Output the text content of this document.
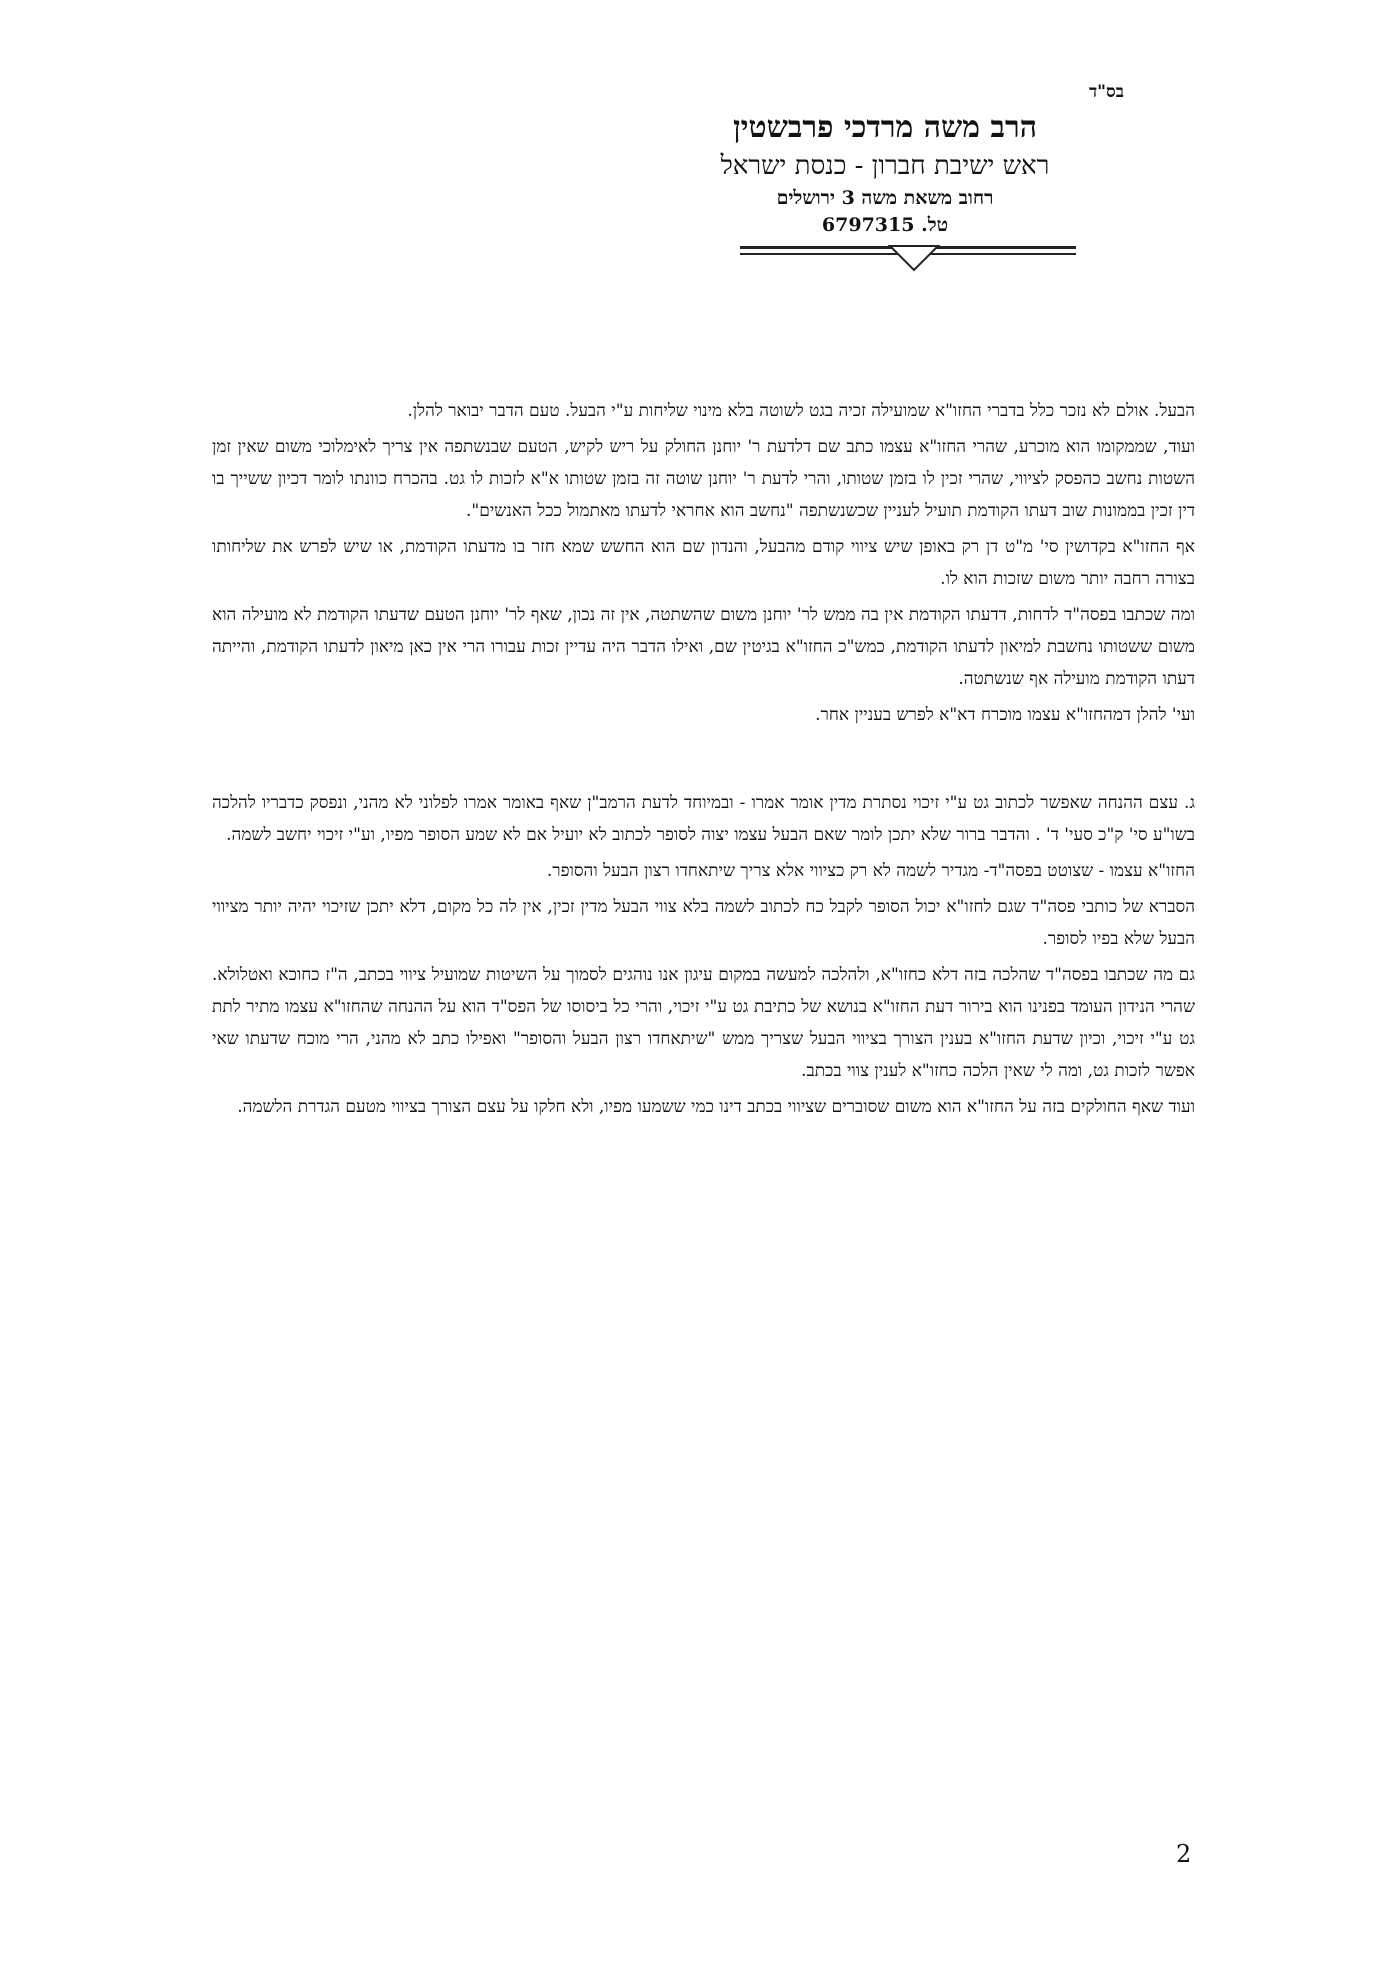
בס"ד
הרב משה מרדכי פרבשטין
ראש ישיבת חברון - כנסת ישראל
רחוב משאת משה 3 ירושלים
טל. 6797315

הבעל. אולם לא נזכר כלל בדברי החזו"א שמועילה זכיה בגט לשוטה בלא מינוי שליחות ע"י הבעל. טעם הדבר יבואר להלן.

ועוד, שממקומו הוא מוכרע, שהרי החזו"א עצמו כתב שם דלדעת ר' יוחנן החולק על ריש לקיש, הטעם שבנשתפה אין צריך לאימלוכי משום שאין זמן השטות נחשב כהפסק לציווי, שהרי זכין לו בזמן שטותו, והרי לדעת ר' יוחנן שוטה זה בזמן שטותו א"א לזכות לו גט. בהכרח כוונתו לומר דכיון ששייך בו דין זכין בממונות שוב דעתו הקודמת תועיל לעניין שכשנשתפה "נחשב הוא אחראי לדעתו מאתמול ככל האנשים".

אף החזו"א בקדושין סי' מ"ט דן רק באופן שיש ציווי קודם מהבעל, והנדון שם הוא החשש שמא חזר בו מדעתו הקודמת, או שיש לפרש את שליחותו בצורה רחבה יותר משום שזכות הוא לו.

ומה שכתבו בפסה"ד לדחות, דדעתו הקודמת אין בה ממש לר' יוחנן משום שהשתטה, אין זה נכון, שאף לר' יוחנן הטעם שדעתו הקודמת לא מועילה הוא משום ששטותו נחשבת למיאון לדעתו הקודמת, כמש"כ החזו"א בגיטין שם, ואילו הדבר היה עדיין זכות עבורו הרי אין כאן מיאון לדעתו הקודמת, והייתה דעתו הקודמת מועילה אף שנשתטה.

ועי' להלן דמהחזו"א עצמו מוכרח דא"א לפרש בעניין אחר.

ג. עצם ההנחה שאפשר לכתוב גט ע"י זיכוי נסתרת מדין אומר אמרו - ובמיוחד לדעת הרמב"ן שאף באומר אמרו לפלוני לא מהני, ונפסק כדבריו להלכה בשו"ע סי' ק"כ סעי' ד' . והדבר ברור שלא יתכן לומר שאם הבעל עצמו יצוה לסופר לכתוב לא יועיל אם לא שמע הסופר מפיו, וע"י זיכוי יחשב לשמה.

החזו"א עצמו - שצוטט בפסה"ד- מגדיר לשמה לא רק כציווי אלא צריך שיתאחדו רצון הבעל והסופר.

הסברא של כותבי פסה"ד שגם לחזו"א יכול הסופר לקבל כח לכתוב לשמה בלא צווי הבעל מדין זכין, אין לה כל מקום, דלא יתכן שזיכוי יהיה יותר מציווי הבעל שלא בפיו לסופר.

גם מה שכתבו בפסה"ד שהלכה בזה דלא כחזו"א, ולהלכה למעשה במקום עיגון אנו נוהגים לסמוך על השיטות שמועיל ציווי בכתב, ה"ז כחוכא ואטלולא. שהרי הנידון העומד בפנינו הוא בירור דעת החזו"א בנושא של כתיבת גט ע"י זיכוי, והרי כל ביסוסו של הפס"ד הוא על ההנחה שהחזו"א עצמו מתיר לתת גט ע"י זיכוי, וכיון שדעת החזו"א בענין הצורך בציווי הבעל שצריך ממש "שיתאחדו רצון הבעל והסופר" ואפילו כתב לא מהני, הרי מוכח שדעתו שאי אפשר לזכות גט, ומה לי שאין הלכה כחזו"א לענין צווי בכתב.

ועוד שאף החולקים בזה על החזו"א הוא משום שסוברים שציווי בכתב דינו כמי ששמעו מפיו, ולא חלקו על עצם הצורך בציווי מטעם הגדרת הלשמה.

2
